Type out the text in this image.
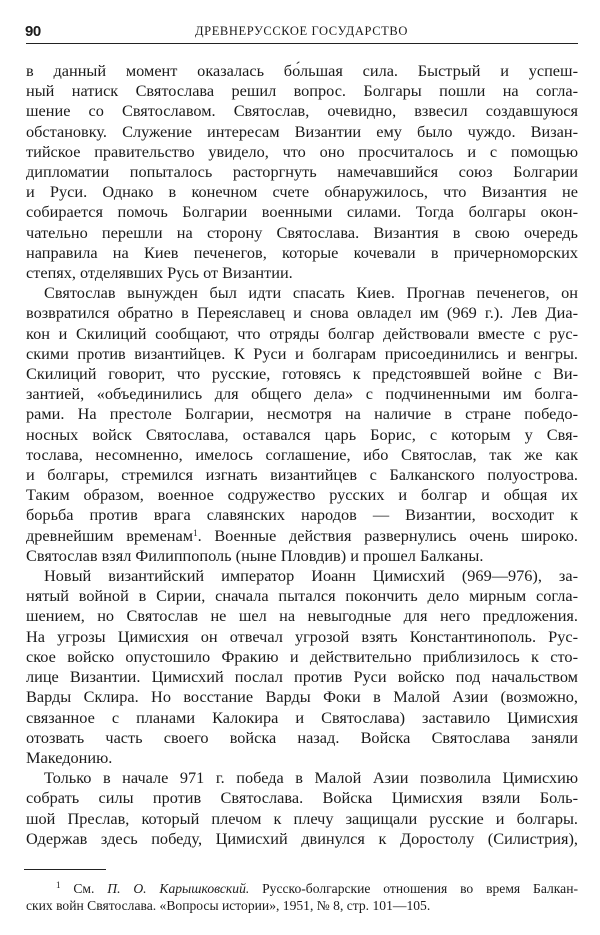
90	ДРЕВНЕРУССКОЕ ГОСУДАРСТВО

в данный момент оказалась бо́льшая сила. Быстрый и успеш-
ный натиск Святослава решил вопрос. Болгары пошли на согла-
шение со Святославом. Святослав, очевидно, взвесил создавшуюся
обстановку. Служение интересам Византии ему было чуждо. Визан-
тийское правительство увидело, что оно просчиталось и с помощью
дипломатии попыталось расторгнуть намечавшийся союз Болгарии
и Руси. Однако в конечном счете обнаружилось, что Византия не
собирается помочь Болгарии военными силами. Тогда болгары окон-
чательно перешли на сторону Святослава. Византия в свою очередь
направила на Киев печенегов, которые кочевали в причерноморских
степях, отделявших Русь от Византии.

Святослав вынужден был идти спасать Киев. Прогнав печенегов, он
возвратился обратно в Переяславец и снова овладел им (969 г.). Лев Диа-
кон и Скилиций сообщают, что отряды болгар действовали вместе с рус-
скими против византийцев. К Руси и болгарам присоединились и венгры.
Скилиций говорит, что русские, готовясь к предстоявшей войне с Ви-
зантией, «объединились для общего дела» с подчиненными им болга-
рами. На престоле Болгарии, несмотря на наличие в стране победо-
носных войск Святослава, оставался царь Борис, с которым у Свя-
тослава, несомненно, имелось соглашение, ибо Святослав, так же как
и болгары, стремился изгнать византийцев с Балканского полуострова.
Таким образом, военное содружество русских и болгар и общая их
борьба против врага славянских народов — Византии, восходит к
древнейшим временам$^1$. Военные действия развернулись очень широко.
Святослав взял Филиппополь (ныне Пловдив) и прошел Балканы.

Новый византийский император Иоанн Цимисхий (969—976), за-
нятый войной в Сирии, сначала пытался покончить дело мирным согла-
шением, но Святослав не шел на невыгодные для него предложения.
На угрозы Цимисхия он отвечал угрозой взять Константинополь. Рус-
ское войско опустошило Фракию и действительно приблизилось к сто-
лице Византии. Цимисхий послал против Руси войско под начальством
Варды Склира. Но восстание Варды Фоки в Малой Азии (возможно,
связанное с планами Калокира и Святослава) заставило Цимисхия
отозвать часть своего войска назад. Войска Святослава заняли
Македонию.

Только в начале 971 г. победа в Малой Азии позволила Цимисхию
собрать силы против Святослава. Войска Цимисхия взяли Боль-
шой Преслав, который плечом к плечу защищали русские и болгары.
Одержав здесь победу, Цимисхий двинулся к Доростолу (Силистрия),

$^1$ См. П. О. Карышковский. Русско-болгарские отношения во время Балкан-
ских войн Святослава. «Вопросы истории», 1951, № 8, стр. 101—105.
